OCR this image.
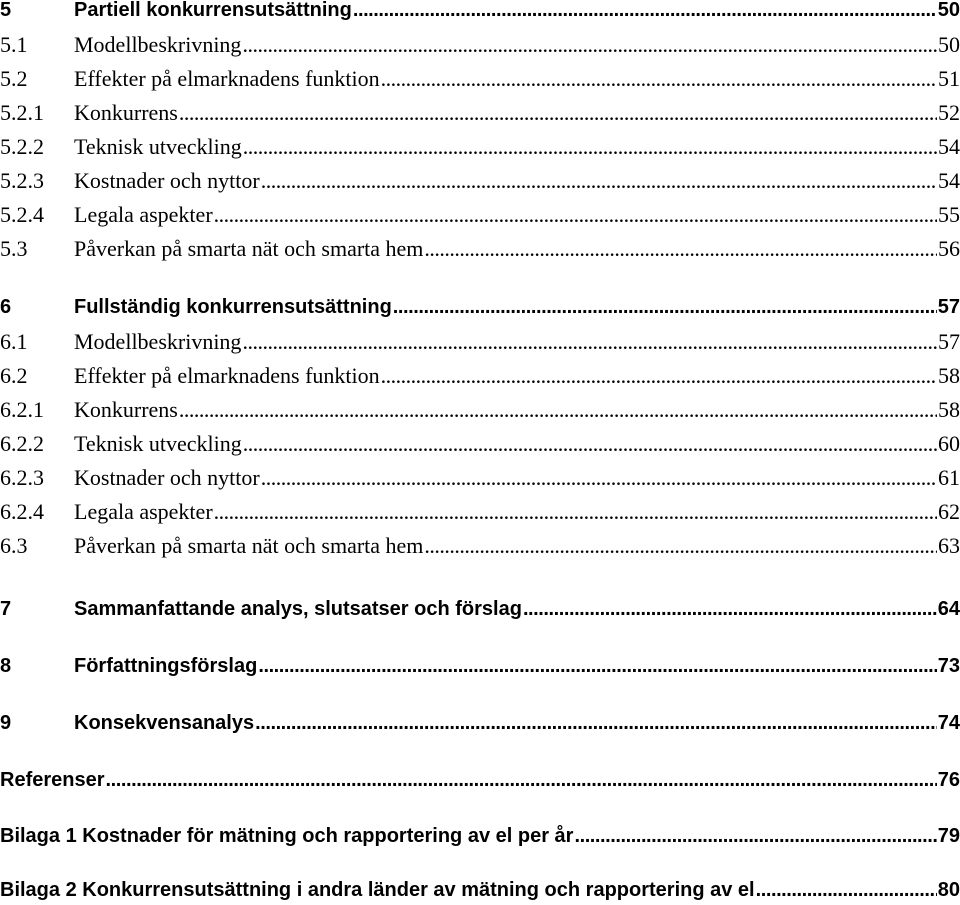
5	Partiell konkurrensutsättning . . .	50
5.1	Modellbeskrivning . . .	50
5.2	Effekter på elmarknadens funktion . . .	51
5.2.1	Konkurrens . . .	52
5.2.2	Teknisk utveckling . . .	54
5.2.3	Kostnader och nyttor . . .	54
5.2.4	Legala aspekter . . .	55
5.3	Påverkan på smarta nät och smarta hem . . .	56
6	Fullständig konkurrensutsättning . . .	57
6.1	Modellbeskrivning . . .	57
6.2	Effekter på elmarknadens funktion . . .	58
6.2.1	Konkurrens . . .	58
6.2.2	Teknisk utveckling . . .	60
6.2.3	Kostnader och nyttor . . .	61
6.2.4	Legala aspekter . . .	62
6.3	Påverkan på smarta nät och smarta hem . . .	63
7	Sammanfattande analys, slutsatser och förslag . . .	64
8	Författningsförslag . . .	73
9	Konsekvensanalys . . .	74
Referenser . . .	76
Bilaga 1 Kostnader för mätning och rapportering av el per år . . .	79
Bilaga 2 Konkurrensutsättning i andra länder av mätning och rapportering av el . . .	80
